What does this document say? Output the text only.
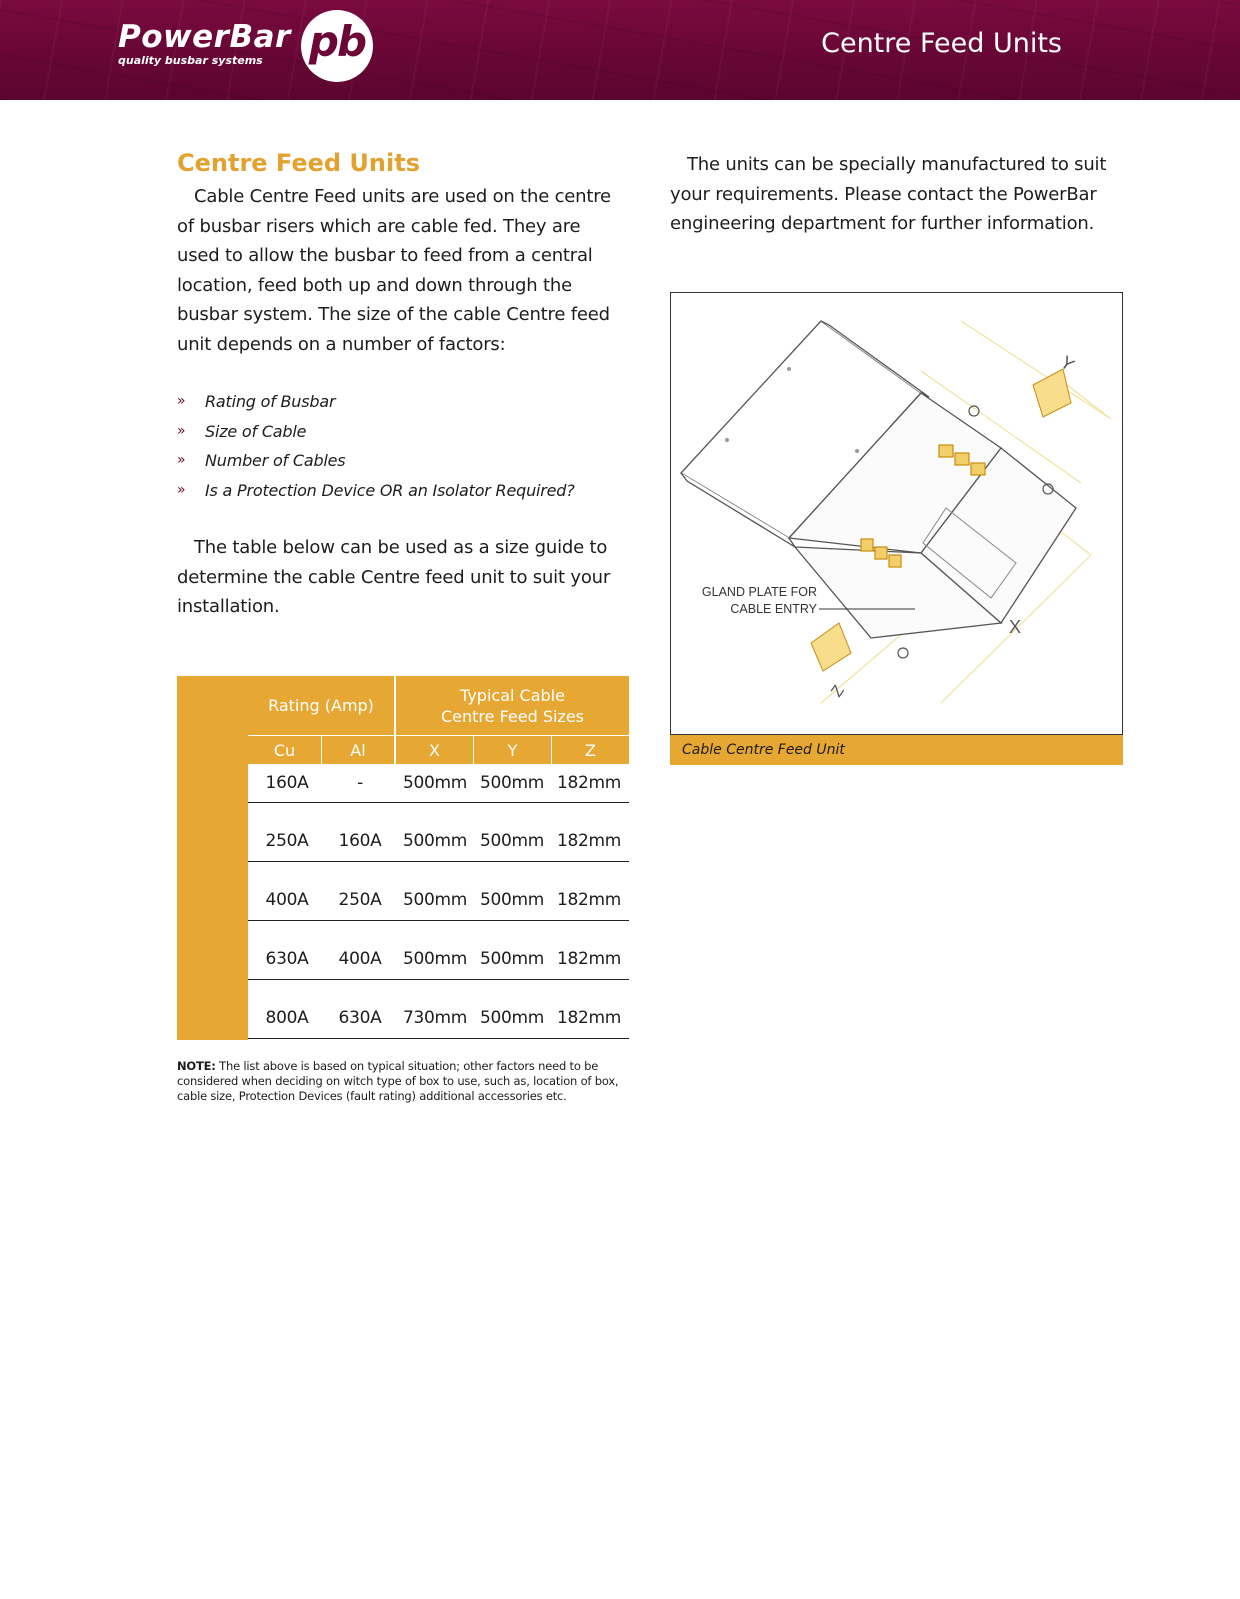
PowerBar
quality busbar systems pb	Centre Feed Units
Centre Feed Units

Cable Centre Feed units are used on the centre of busbar risers which are cable fed. They are used to allow the busbar to feed from a central location, feed both up and down through the busbar system. The size of the cable Centre feed unit depends on a number of factors:

» Rating of Busbar
» Size of Cable
» Number of Cables
» Is a Protection Device OR an Isolator Required?

The table below can be used as a size guide to determine the cable Centre feed unit to suit your installation.

Rating (Amp)
Typical Cable
Centre Feed Sizes
Cu	Al	X	Y	Z
160A	-	500mm 500mm 182mm
250A	160A	500mm 500mm 182mm
400A	250A	500mm 500mm 182mm
630A	400A	500mm 500mm 182mm
800A	630A	730mm 500mm 182mm
NOTE: The list above is based on typical situation; other factors need to be considered when deciding on witch type of box to use, such as, location of box, cable size, Protection Devices (fault rating) additional accessories etc.

The units can be specially manufactured to suit your requirements. Please contact the PowerBar engineering department for further information.

GLAND PLATE FOR
CABLE ENTRY
Y
X
Z
Cable Centre Feed Unit
